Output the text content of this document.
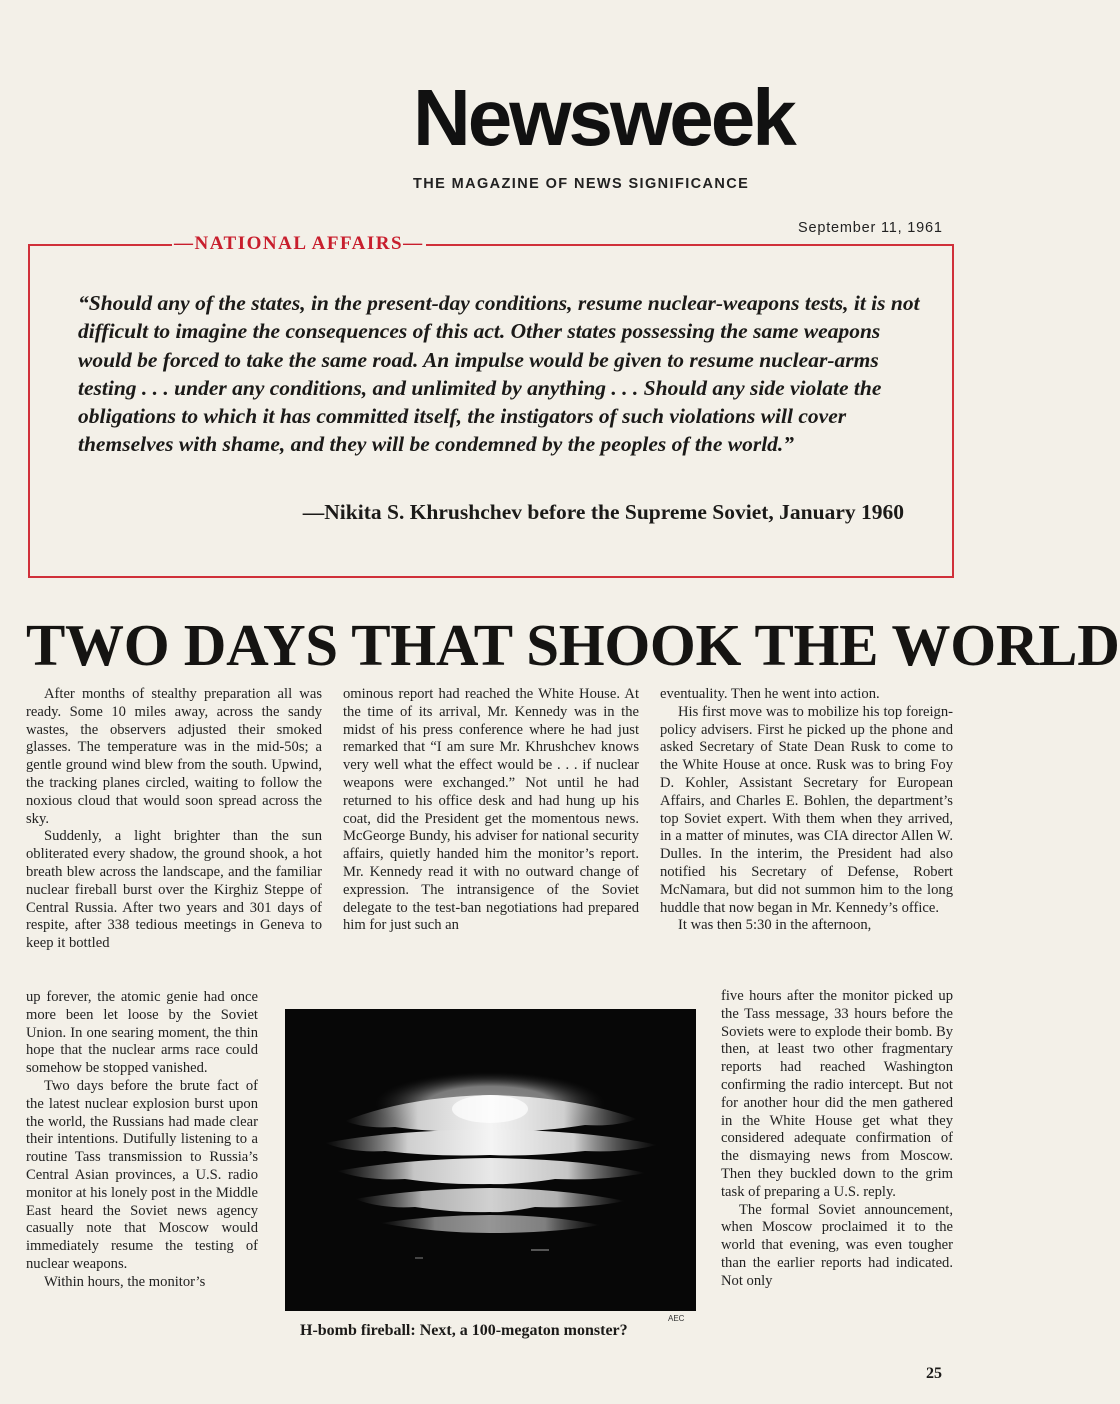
Newsweek
THE MAGAZINE OF NEWS SIGNIFICANCE
September 11, 1961
—NATIONAL AFFAIRS—
“Should any of the states, in the present-day conditions, resume nuclear-weapons tests, it is not difficult to imagine the consequences of this act. Other states possessing the same weapons would be forced to take the same road. An impulse would be given to resume nuclear-arms testing . . . under any conditions, and unlimited by anything . . . Should any side violate the obligations to which it has committed itself, the instigators of such violations will cover themselves with shame, and they will be condemned by the peoples of the world.”
—Nikita S. Khrushchev before the Supreme Soviet, January 1960
TWO DAYS THAT SHOOK THE WORLD

After months of stealthy preparation all was ready. Some 10 miles away, across the sandy wastes, the observers adjusted their smoked glasses. The temperature was in the mid-50s; a gentle ground wind blew from the south. Upwind, the tracking planes circled, waiting to follow the noxious cloud that would soon spread across the sky.

Suddenly, a light brighter than the sun obliterated every shadow, the ground shook, a hot breath blew across the landscape, and the familiar nuclear fireball burst over the Kirghiz Steppe of Central Russia. After two years and 301 days of respite, after 338 tedious meetings in Geneva to keep it bottled

up forever, the atomic genie had once more been let loose by the Soviet Union. In one searing moment, the thin hope that the nuclear arms race could somehow be stopped vanished.

Two days before the brute fact of the latest nuclear explosion burst upon the world, the Russians had made clear their intentions. Dutifully listening to a routine Tass transmission to Russia’s Central Asian provinces, a U.S. radio monitor at his lonely post in the Middle East heard the Soviet news agency casually note that Moscow would immediately resume the testing of nuclear weapons.

Within hours, the monitor’s

ominous report had reached the White House. At the time of its arrival, Mr. Kennedy was in the midst of his press conference where he had just remarked that “I am sure Mr. Khrushchev knows very well what the effect would be . . . if nuclear weapons were exchanged.” Not until he had returned to his office desk and had hung up his coat, did the President get the momentous news. McGeorge Bundy, his adviser for national security affairs, quietly handed him the monitor’s report. Mr. Kennedy read it with no outward change of expression. The intransigence of the Soviet delegate to the test-ban negotiations had prepared him for just such an

eventuality. Then he went into action.

His first move was to mobilize his top foreign-policy advisers. First he picked up the phone and asked Secretary of State Dean Rusk to come to the White House at once. Rusk was to bring Foy D. Kohler, Assistant Secretary for European Affairs, and Charles E. Bohlen, the department’s top Soviet expert. With them when they arrived, in a matter of minutes, was CIA director Allen W. Dulles. In the interim, the President had also notified his Secretary of Defense, Robert McNamara, but did not summon him to the long huddle that now began in Mr. Kennedy’s office.

It was then 5:30 in the afternoon,

five hours after the monitor picked up the Tass message, 33 hours before the Soviets were to explode their bomb. By then, at least two other fragmentary reports had reached Washington confirming the radio intercept. But not for another hour did the men gathered in the White House get what they considered adequate confirmation of the dismaying news from Moscow. Then they buckled down to the grim task of preparing a U.S. reply.

The formal Soviet announcement, when Moscow proclaimed it to the world that evening, was even tougher than the earlier reports had indicated. Not only

AEC
H-bomb fireball: Next, a 100-megaton monster?
25
